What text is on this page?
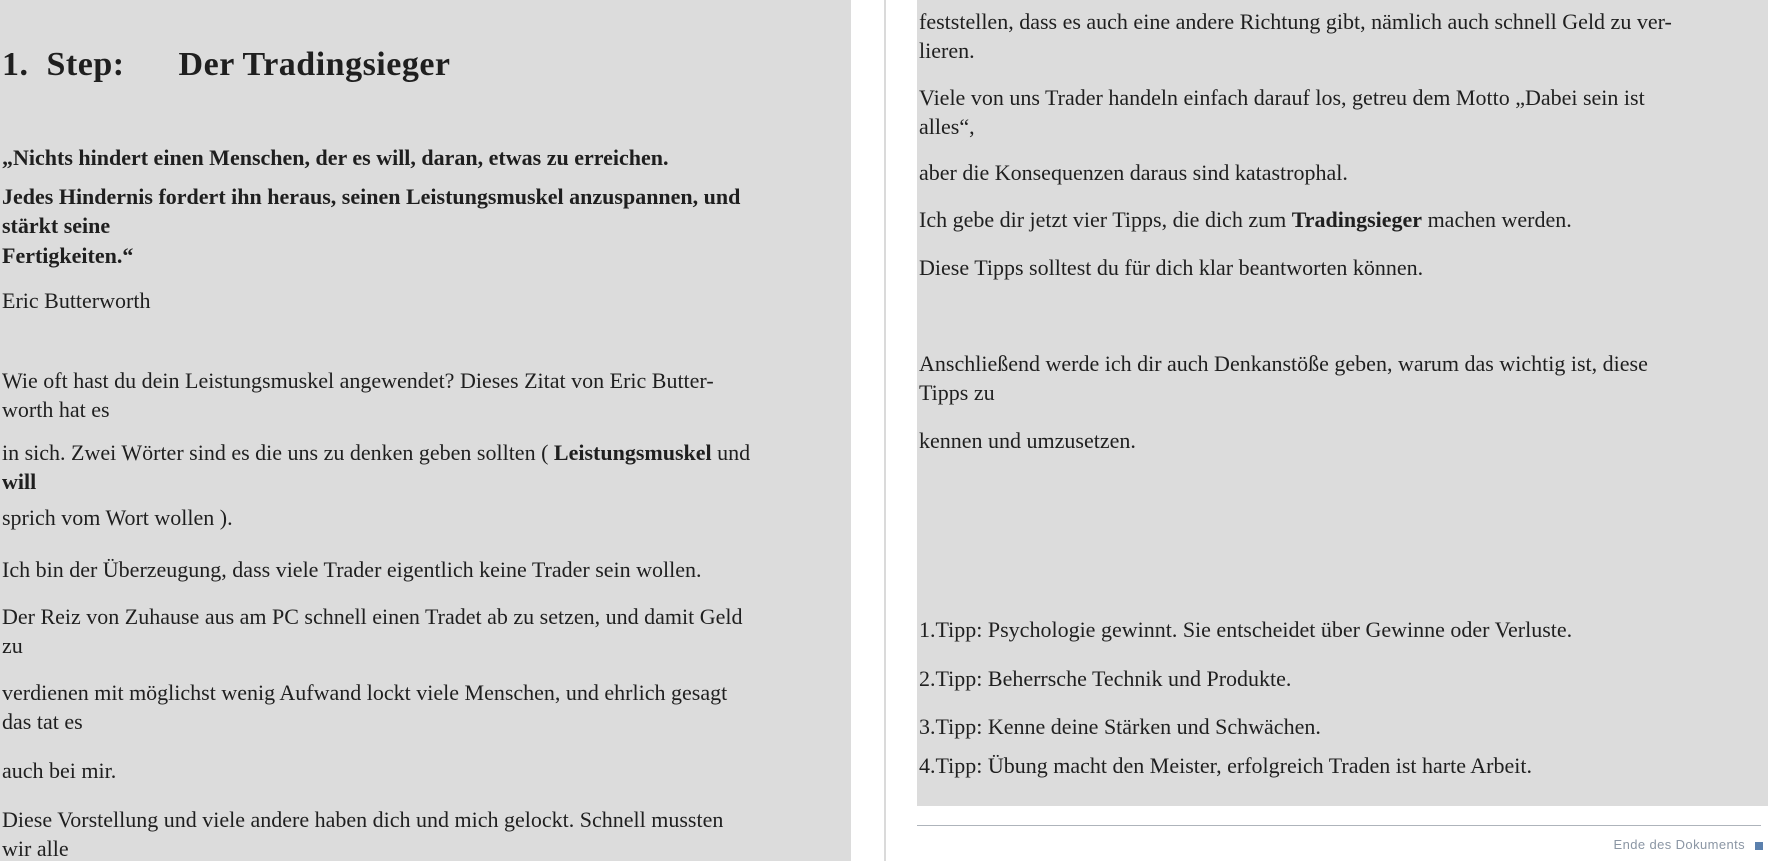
1.  Step:      Der Tradingsieger
„Nichts hindert einen Menschen, der es will, daran, etwas zu erreichen.
Jedes Hindernis fordert ihn heraus, seinen Leistungsmuskel anzuspannen, und
stärkt seine
Fertigkeiten.“
Eric Butterworth
Wie oft hast du dein Leistungsmuskel angewendet? Dieses Zitat von Eric Butter-
worth hat es
in sich. Zwei Wörter sind es die uns zu denken geben sollten ( Leistungsmuskel und
will
sprich vom Wort wollen ).
Ich bin der Überzeugung, dass viele Trader eigentlich keine Trader sein wollen.
Der Reiz von Zuhause aus am PC schnell einen Tradet ab zu setzen, und damit Geld
zu
verdienen mit möglichst wenig Aufwand lockt viele Menschen, und ehrlich gesagt
das tat es
auch bei mir.
Diese Vorstellung und viele andere haben dich und mich gelockt. Schnell mussten
wir alle
feststellen, dass es auch eine andere Richtung gibt, nämlich auch schnell Geld zu ver-
lieren.
Viele von uns Trader handeln einfach darauf los, getreu dem Motto „Dabei sein ist
alles“,
aber die Konsequenzen daraus sind katastrophal.
Ich gebe dir jetzt vier Tipps, die dich zum Tradingsieger machen werden.
Diese Tipps solltest du für dich klar beantworten können.
Anschließend werde ich dir auch Denkanstöße geben, warum das wichtig ist, diese
Tipps zu
kennen und umzusetzen.
1.Tipp: Psychologie gewinnt. Sie entscheidet über Gewinne oder Verluste.
2.Tipp: Beherrsche Technik und Produkte.
3.Tipp: Kenne deine Stärken und Schwächen.
4.Tipp: Übung macht den Meister, erfolgreich Traden ist harte Arbeit.
Ende des Dokuments
